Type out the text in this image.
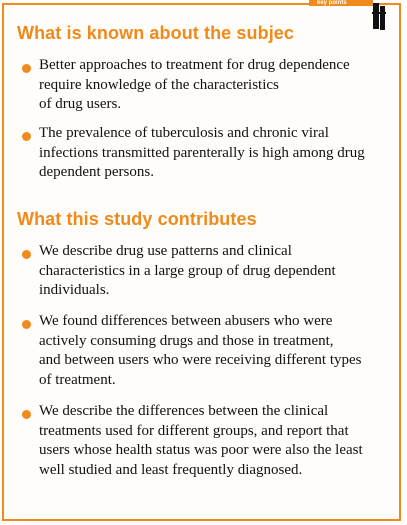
key points
What is known about the subjec
Better approaches to treatment for drug dependence
require knowledge of the characteristics
of drug users.
The prevalence of tuberculosis and chronic viral
infections transmitted parenterally is high among drug
dependent persons.
What this study contributes
We describe drug use patterns and clinical
characteristics in a large group of drug dependent
individuals.
We found differences between abusers who were
actively consuming drugs and those in treatment,
and between users who were receiving different types
of treatment.
We describe the differences between the clinical
treatments used for different groups, and report that
users whose health status was poor were also the least
well studied and least frequently diagnosed.
